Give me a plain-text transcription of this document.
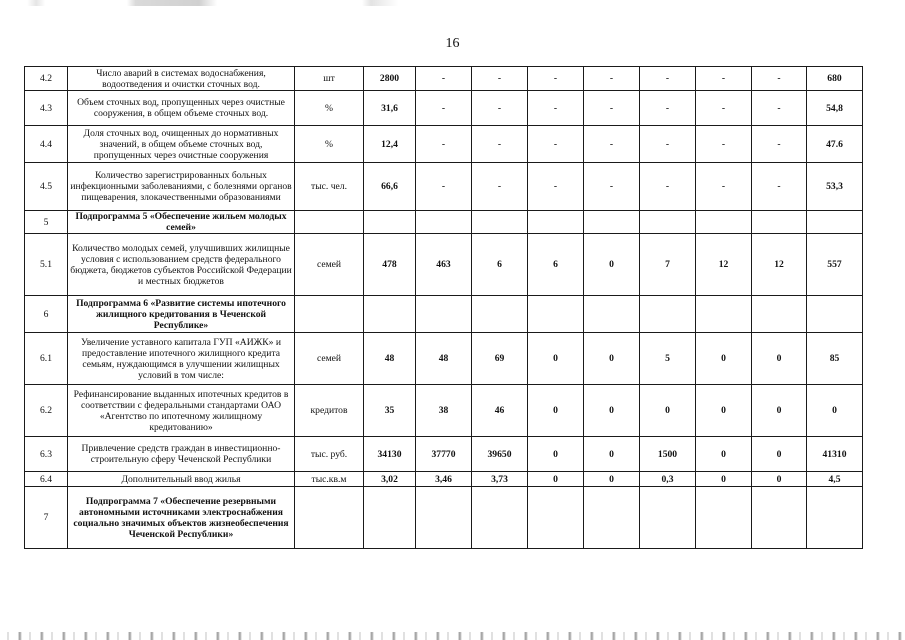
16
4.2	Число аварий в системах водоснабжения, водоотведения и очистки сточных вод.	шт	2800	-	-	-	-	-	-	-	680
4.3	Объем сточных вод, пропущенных через очистные сооружения, в общем объеме сточных вод.	%	31,6	-	-	-	-	-	-	-	54,8
4.4	Доля сточных вод, очищенных до нормативных значений, в общем объеме сточных вод, пропущенных через очистные сооружения	%	12,4	-	-	-	-	-	-	-	47.6
4.5	Количество зарегистрированных больных инфекционными заболеваниями, с болезнями органов пищеварения, злокачественными образованиями	тыс. чел.	66,6	-	-	-	-	-	-	-	53,3
5	Подпрограмма 5 «Обеспечение жильем молодых семей»										
5.1	Количество молодых семей, улучшивших жилищные условия с использованием средств федерального бюджета, бюджетов субъектов Российской Федерации и местных бюджетов	семей	478	463	6	6	0	7	12	12	557
6	Подпрограмма 6 «Развитие системы ипотечного жилищного кредитования в Чеченской Республике»										
6.1	Увеличение уставного капитала ГУП «АИЖК» и предоставление ипотечного жилищного кредита семьям, нуждающимся в улучшении жилищных условий в том числе:	семей	48	48	69	0	0	5	0	0	85
6.2	Рефинансирование выданных ипотечных кредитов в соответствии с федеральными стандартами ОАО «Агентство по ипотечному жилищному кредитованию»	кредитов	35	38	46	0	0	0	0	0	0
6.3	Привлечение средств граждан в инвестиционно-строительную сферу Чеченской Республики	тыс. руб.	34130	37770	39650	0	0	1500	0	0	41310
6.4	Дополнительный ввод жилья	тыс.кв.м	3,02	3,46	3,73	0	0	0,3	0	0	4,5
7	Подпрограмма 7 «Обеспечение резервными автономными источниками электроснабжения социально значимых объектов жизнеобеспечения Чеченской Республики»										
